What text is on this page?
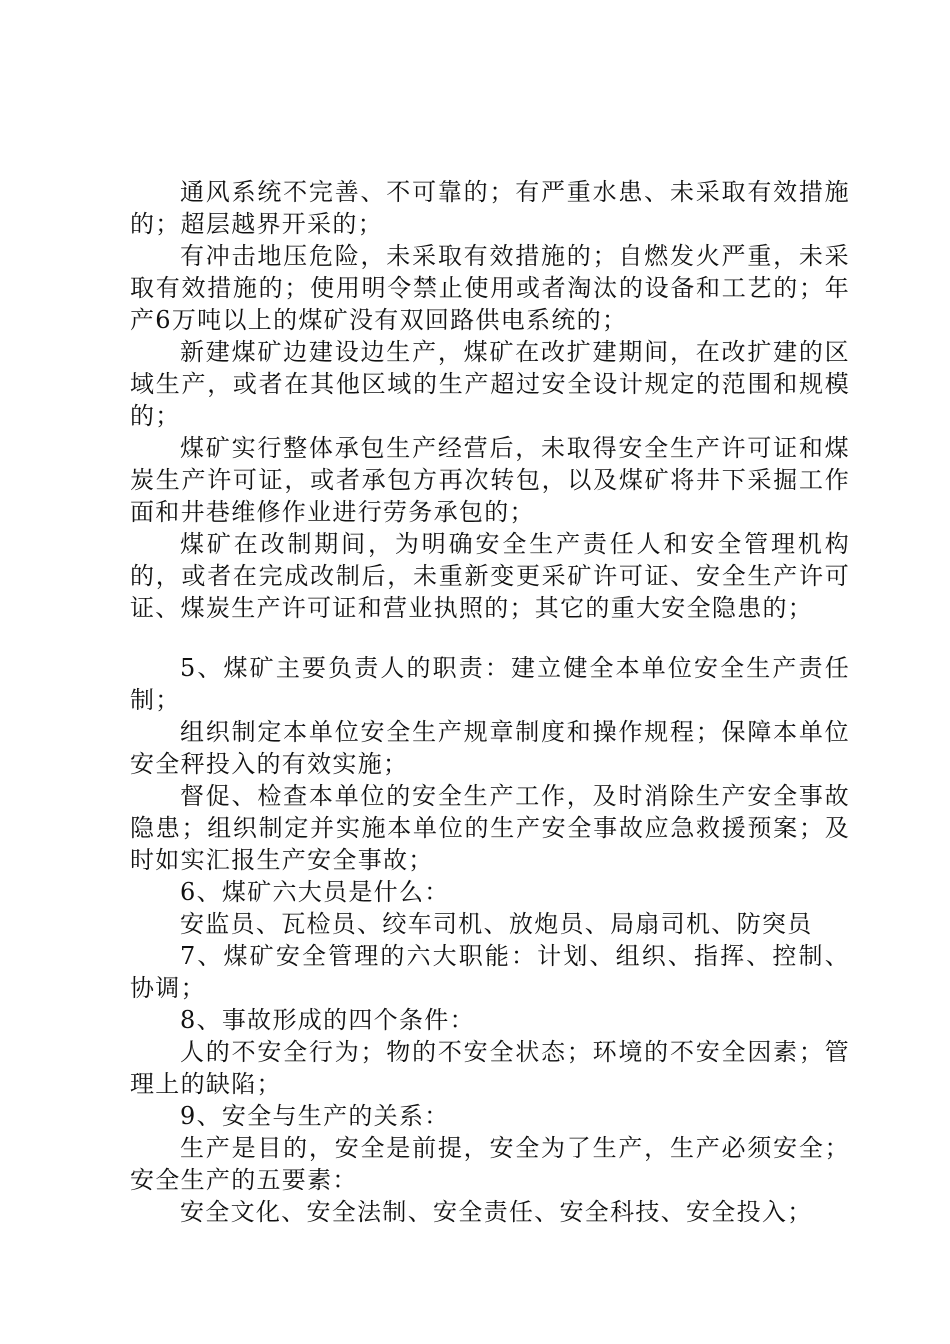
通风系统不完善、不可靠的；有严重水患、未采取有效措施的；超层越界开采的；

有冲击地压危险，未采取有效措施的；自燃发火严重，未采取有效措施的；使用明令禁止使用或者淘汰的设备和工艺的；年产6万吨以上的煤矿没有双回路供电系统的；

新建煤矿边建设边生产，煤矿在改扩建期间，在改扩建的区域生产，或者在其他区域的生产超过安全设计规定的范围和规模的；

煤矿实行整体承包生产经营后，未取得安全生产许可证和煤炭生产许可证，或者承包方再次转包，以及煤矿将井下采掘工作面和井巷维修作业进行劳务承包的；

煤矿在改制期间，为明确安全生产责任人和安全管理机构的，或者在完成改制后，未重新变更采矿许可证、安全生产许可证、煤炭生产许可证和营业执照的；其它的重大安全隐患的；

5、煤矿主要负责人的职责：建立健全本单位安全生产责任制；

组织制定本单位安全生产规章制度和操作规程；保障本单位安全秤投入的有效实施；

督促、检查本单位的安全生产工作，及时消除生产安全事故隐患；组织制定并实施本单位的生产安全事故应急救援预案；及时如实汇报生产安全事故；

6、煤矿六大员是什么：

安监员、瓦检员、绞车司机、放炮员、局扇司机、防突员

7、煤矿安全管理的六大职能：计划、组织、指挥、控制、协调；

8、事故形成的四个条件：

人的不安全行为；物的不安全状态；环境的不安全因素；管理上的缺陷；

9、安全与生产的关系：

生产是目的，安全是前提，安全为了生产，生产必须安全；安全生产的五要素：

安全文化、安全法制、安全责任、安全科技、安全投入；
